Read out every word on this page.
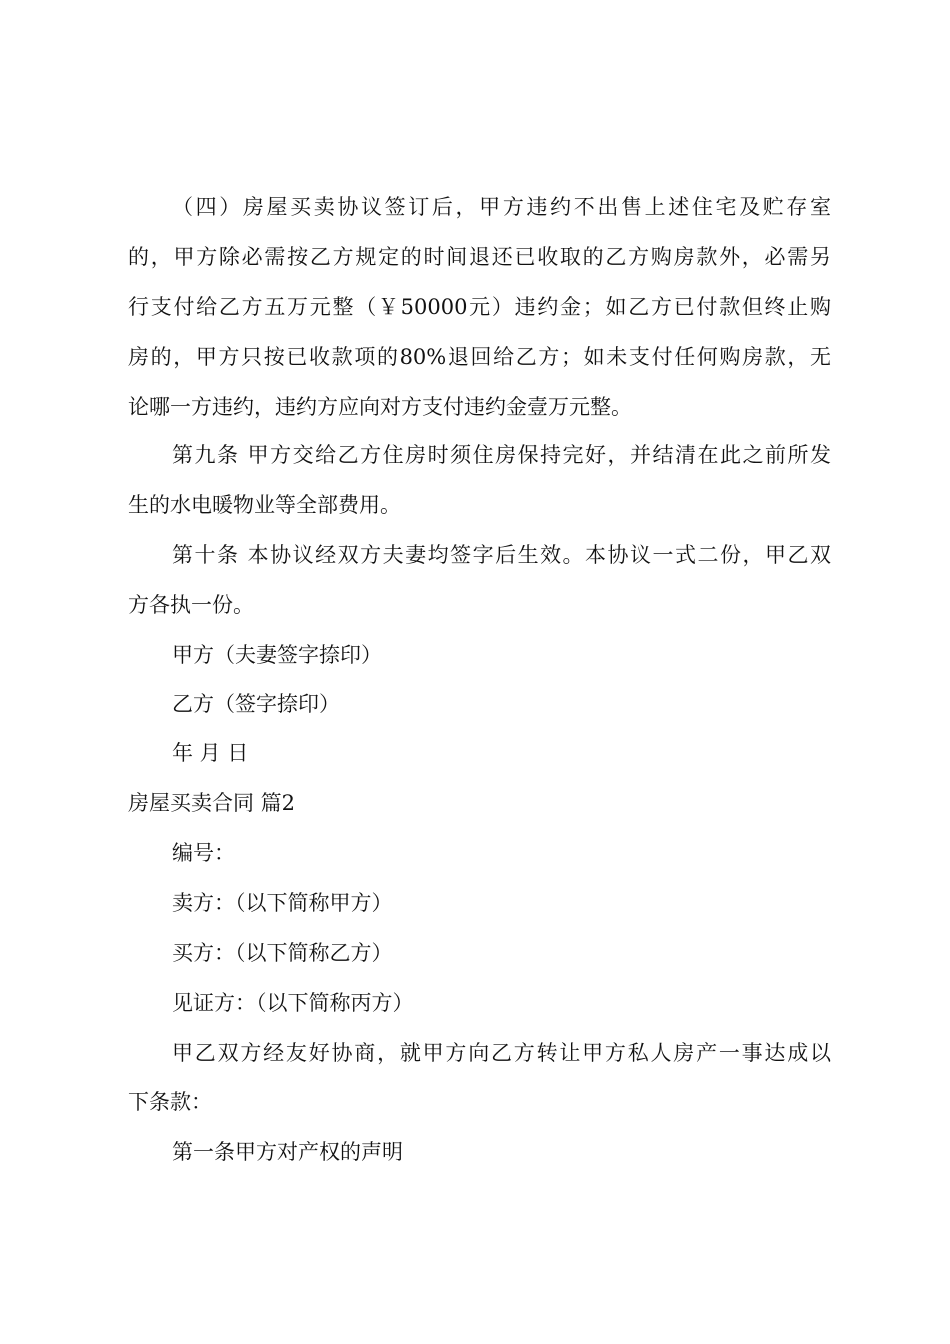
（四）房屋买卖协议签订后，甲方违约不出售上述住宅及贮存室
的，甲方除必需按乙方规定的时间退还已收取的乙方购房款外，必需另
行支付给乙方五万元整（￥50000元）违约金；如乙方已付款但终止购
房的，甲方只按已收款项的80%退回给乙方；如未支付任何购房款，无
论哪一方违约，违约方应向对方支付违约金壹万元整。
第九条 甲方交给乙方住房时须住房保持完好，并结清在此之前所发
生的水电暖物业等全部费用。
第十条 本协议经双方夫妻均签字后生效。本协议一式二份，甲乙双
方各执一份。
甲方（夫妻签字捺印）
乙方（签字捺印）
年 月 日
房屋买卖合同 篇2
编号：
卖方：（以下简称甲方）
买方：（以下简称乙方）
见证方：（以下简称丙方）
甲乙双方经友好协商，就甲方向乙方转让甲方私人房产一事达成以
下条款：
第一条甲方对产权的声明
